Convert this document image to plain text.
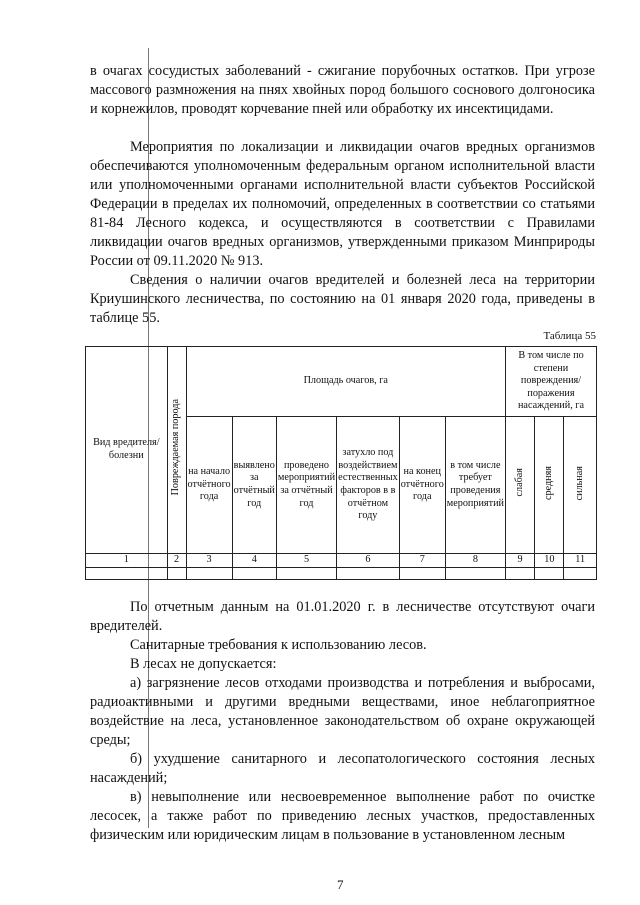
в очагах сосудистых заболеваний - сжигание порубочных остатков. При угрозе массового размножения на пнях хвойных пород большого соснового долгоносика и корнежилов, проводят корчевание пней или обработку их инсектицидами.

Мероприятия по локализации и ликвидации очагов вредных организмов обеспечиваются уполномоченным федеральным органом исполнительной власти или уполномоченными органами исполнительной власти субъектов Российской Федерации в пределах их полномочий, определенных в соответствии со статьями 81-84 Лесного кодекса, и осуществляются в соответствии с Правилами ликвидации очагов вредных организмов, утвержденными приказом Минприроды России от 09.11.2020 № 913.

Сведения о наличии очагов вредителей и болезней леса на территории Криушинского лесничества, по состоянию на 01 января 2020 года, приведены в таблице 55.

Таблица 55
Вид вредителя/болезни	Повреждаемая порода	Площадь очагов, га						В том числе по степени повреждения/поражения насаждений, га		
		на начало отчётного года	выявлено за отчётный год	проведено мероприятий за отчётный год	затухло под воздействием естественных факторов в в отчётном году	на конец отчётного года	в том числе требует проведения мероприятий	слабая	средняя	сильная
1	2	3	4	5	6	7	8	9	10	11

По отчетным данным на 01.01.2020 г. в лесничестве отсутствуют очаги вредителей.

Санитарные требования к использованию лесов.

В лесах не допускается:

а) загрязнение лесов отходами производства и потребления и выбросами, радиоактивными и другими вредными веществами, иное неблагоприятное воздействие на леса, установленное законодательством об охране окружающей среды;

б) ухудшение санитарного и лесопатологического состояния лесных насаждений;

в) невыполнение или несвоевременное выполнение работ по очистке лесосек, а также работ по приведению лесных участков, предоставленных физическим или юридическим лицам в пользование в установленном лесным

7
